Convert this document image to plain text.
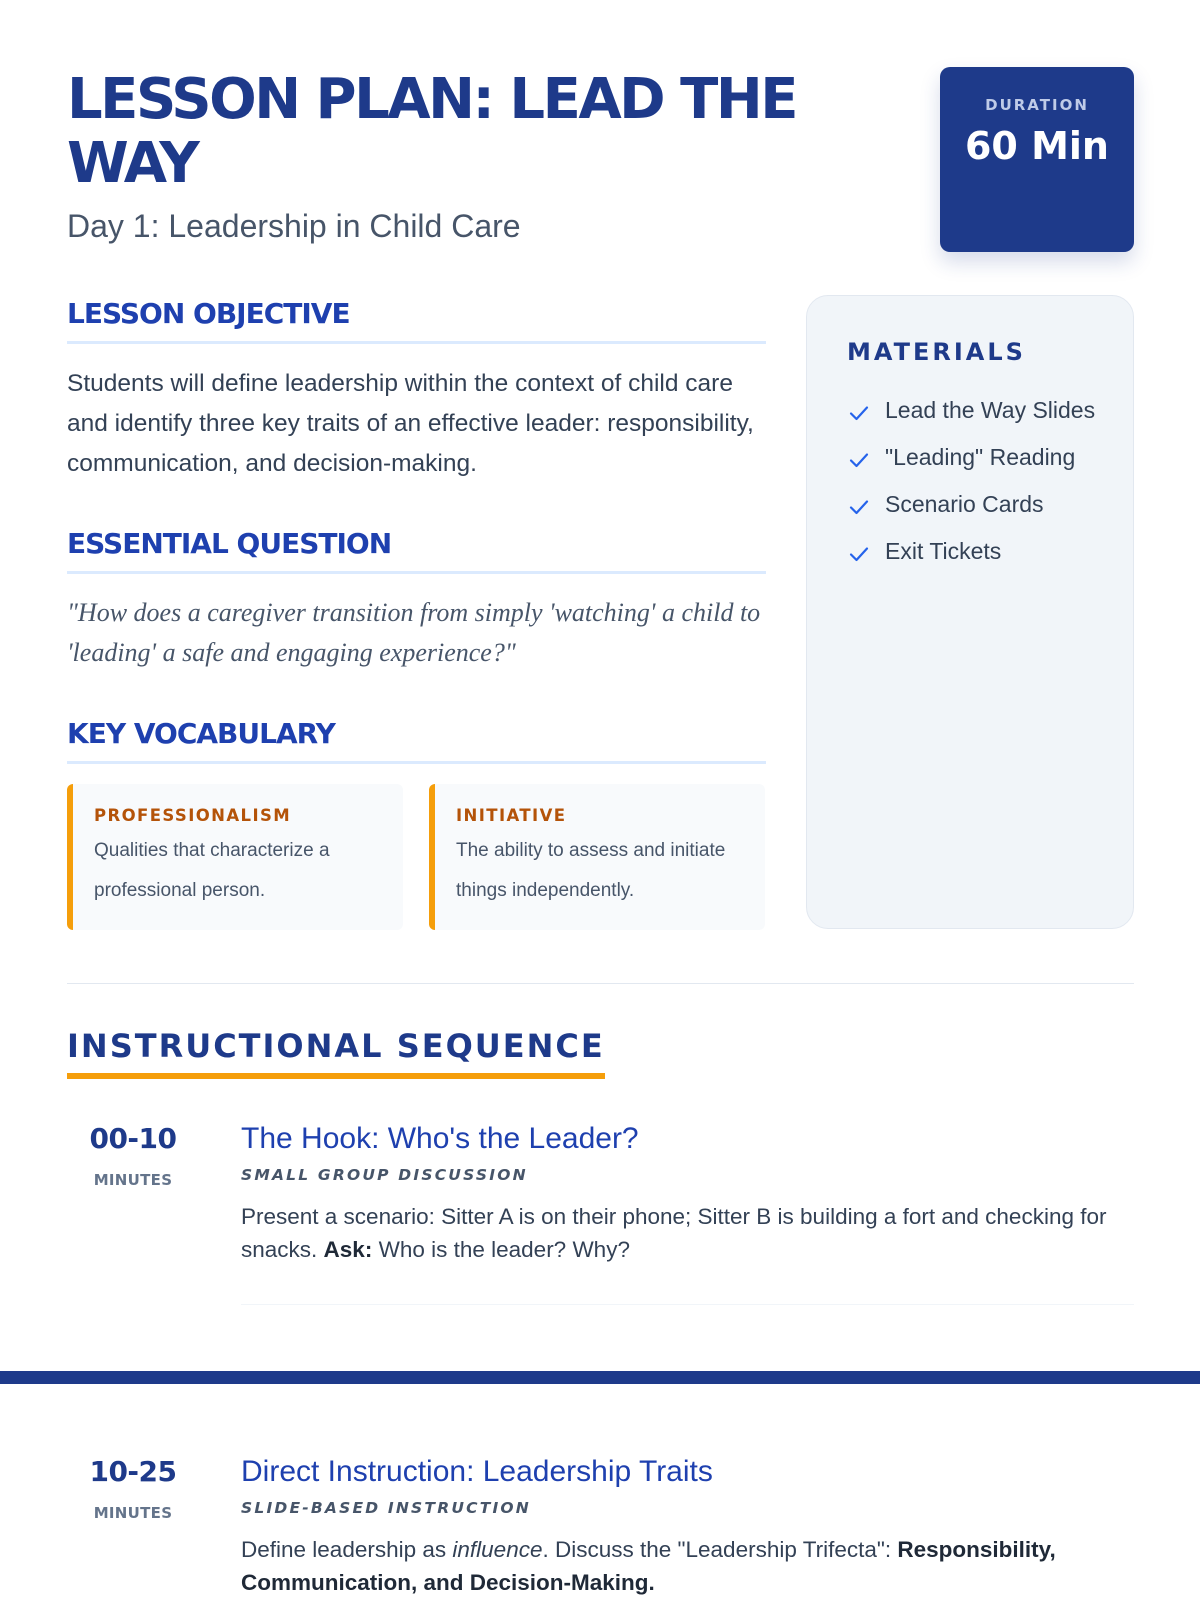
LESSON PLAN: LEAD THE WAY
Day 1: Leadership in Child Care
DURATION
60 Min
LESSON OBJECTIVE

Students will define leadership within the context of child care and identify three key traits of an effective leader: responsibility, communication, and decision-making.

ESSENTIAL QUESTION

"How does a caregiver transition from simply 'watching' a child to 'leading' a safe and engaging experience?"

KEY VOCABULARY
PROFESSIONALISM
Qualities that characterize a professional person.
INITIATIVE
The ability to assess and initiate things independently.
MATERIALS
Lead the Way Slides
"Leading" Reading
Scenario Cards
Exit Tickets
INSTRUCTIONAL SEQUENCE
00-10
MINUTES
The Hook: Who's the Leader?
SMALL GROUP DISCUSSION
Present a scenario: Sitter A is on their phone; Sitter B is building a fort and checking for snacks. Ask: Who is the leader? Why?
10-25
MINUTES
Direct Instruction: Leadership Traits
SLIDE-BASED INSTRUCTION
Define leadership as influence. Discuss the "Leadership Trifecta": Responsibility, Communication, and Decision-Making.
